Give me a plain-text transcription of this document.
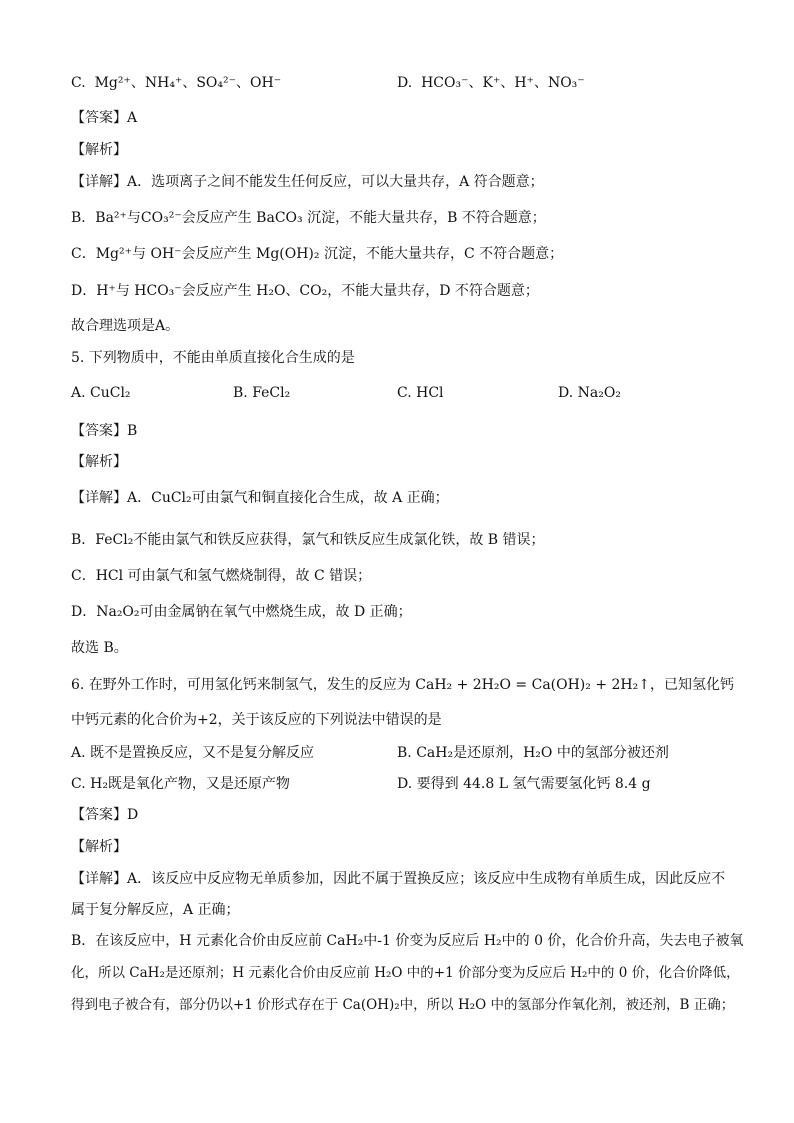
C. Mg²⁺、NH₄⁺、SO₄²⁻、OH⁻	D. HCO₃⁻、K⁺、H⁺、NO₃⁻
【答案】A
【解析】
【详解】A．选项离子之间不能发生任何反应，可以大量共存，A 符合题意；
B．Ba²⁺与CO₃²⁻会反应产生 BaCO₃ 沉淀，不能大量共存，B 不符合题意；
C．Mg²⁺与 OH⁻会反应产生 Mg(OH)₂ 沉淀，不能大量共存，C 不符合题意；
D．H⁺与 HCO₃⁻会反应产生 H₂O、CO₂，不能大量共存，D 不符合题意；
故合理选项是A。
5. 下列物质中，不能由单质直接化合生成的是
A. CuCl₂	B. FeCl₂	C. HCl	D. Na₂O₂
【答案】B
【解析】
【详解】A．CuCl₂可由氯气和铜直接化合生成，故 A 正确；
B．FeCl₂不能由氯气和铁反应获得，氯气和铁反应生成氯化铁，故 B 错误；
C．HCl 可由氯气和氢气燃烧制得，故 C 错误；
D．Na₂O₂可由金属钠在氧气中燃烧生成，故 D 正确；
故选 B。
6. 在野外工作时，可用氢化钙来制氢气，发生的反应为 CaH₂ + 2H₂O = Ca(OH)₂ + 2H₂↑，已知氢化钙
中钙元素的化合价为+2，关于该反应的下列说法中错误的是
A. 既不是置换反应，又不是复分解反应	B. CaH₂是还原剂，H₂O 中的氢部分被还剂
C. H₂既是氧化产物，又是还原产物	D. 要得到 44.8 L 氢气需要氢化钙 8.4 g
【答案】D
【解析】
【详解】A．该反应中反应物无单质参加，因此不属于置换反应；该反应中生成物有单质生成，因此反应不
属于复分解反应，A 正确；
B．在该反应中，H 元素化合价由反应前 CaH₂中-1 价变为反应后 H₂中的 0 价，化合价升高，失去电子被氧
化，所以 CaH₂是还原剂；H 元素化合价由反应前 H₂O 中的+1 价部分变为反应后 H₂中的 0 价，化合价降低，
得到电子被合有，部分仍以+1 价形式存在于 Ca(OH)₂中，所以 H₂O 中的氢部分作氧化剂，被还剂，B 正确；
